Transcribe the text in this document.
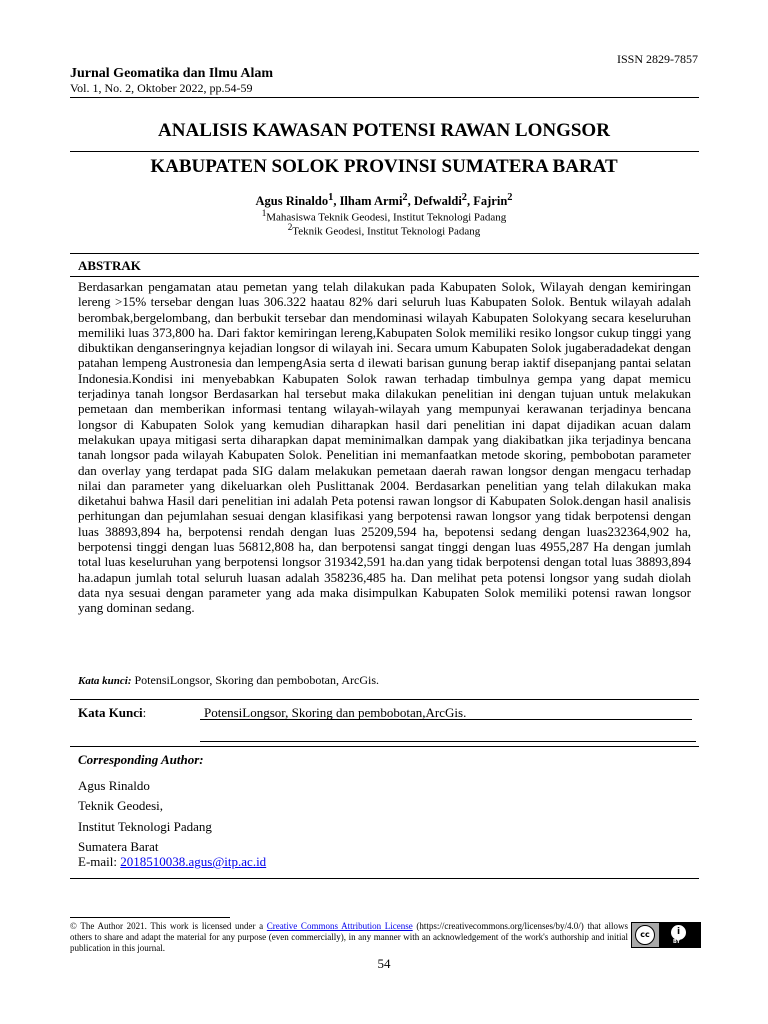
ISSN 2829-7857
Jurnal Geomatika dan Ilmu Alam
Vol. 1, No. 2, Oktober 2022, pp.54-59
ANALISIS KAWASAN POTENSI RAWAN LONGSOR
KABUPATEN SOLOK PROVINSI SUMATERA BARAT
Agus Rinaldo$^1$, Ilham Armi$^2$, Defwaldi$^2$, Fajrin$^2$
$^1$Mahasiswa Teknik Geodesi, Institut Teknologi Padang
$^2$Teknik Geodesi, Institut Teknologi Padang
ABSTRAK
Berdasarkan pengamatan atau pemetan yang telah dilakukan pada Kabupaten Solok, Wilayah dengan kemiringan lereng >15% tersebar dengan luas 306.322 haatau 82% dari seluruh luas Kabupaten Solok. Bentuk wilayah adalah berombak,bergelombang, dan berbukit tersebar dan mendominasi wilayah Kabupaten Solokyang secara keseluruhan memiliki luas 373,800 ha. Dari faktor kemiringan lereng,Kabupaten Solok memiliki resiko longsor cukup tinggi yang dibuktikan denganseringnya kejadian longsor di wilayah ini. Secara umum Kabupaten Solok jugaberadadekat dengan patahan lempeng Austronesia dan lempengAsia serta d ilewati barisan gunung berap iaktif disepanjang pantai selatan Indonesia.Kondisi ini menyebabkan Kabupaten Solok rawan terhadap timbulnya gempa yang dapat memicu terjadinya tanah longsor Berdasarkan hal tersebut maka dilakukan penelitian ini dengan tujuan untuk melakukan pemetaan dan memberikan informasi tentang wilayah-wilayah yang mempunyai kerawanan terjadinya bencana longsor di Kabupaten Solok yang kemudian diharapkan hasil dari penelitian ini dapat dijadikan acuan dalam melakukan upaya mitigasi serta diharapkan dapat meminimalkan dampak yang diakibatkan jika terjadinya bencana tanah longsor pada wilayah Kabupaten Solok. Penelitian ini memanfaatkan metode skoring, pembobotan parameter dan overlay yang terdapat pada SIG dalam melakukan pemetaan daerah rawan longsor dengan mengacu terhadap nilai dan parameter yang dikeluarkan oleh Puslittanak 2004. Berdasarkan penelitian yang telah dilakukan maka diketahui bahwa Hasil dari penelitian ini adalah Peta potensi rawan longsor di Kabupaten Solok.dengan hasil analisis perhitungan dan pejumlahan sesuai dengan klasifikasi yang berpotensi rawan longsor yang tidak berpotensi dengan luas 38893,894 ha, berpotensi rendah dengan luas 25209,594 ha, bepotensi sedang dengan luas232364,902 ha, berpotensi tinggi dengan luas 56812,808 ha, dan berpotensi sangat tinggi dengan luas 4955,287 Ha dengan jumlah total luas keseluruhan yang berpotensi longsor 319342,591 ha.dan yang tidak berpotensi dengan total luas 38893,894 ha.adapun jumlah total seluruh luasan adalah 358236,485 ha. Dan melihat peta potensi longsor yang sudah diolah data nya sesuai dengan parameter yang ada maka disimpulkan Kabupaten Solok memiliki potensi rawan longsor yang dominan sedang.
Kata kunci: PotensiLongsor, Skoring dan pembobotan, ArcGis.
Kata Kunci:	PotensiLongsor, Skoring dan pembobotan,ArcGis.
Corresponding Author:
Agus Rinaldo
Teknik Geodesi,
Institut Teknologi Padang
Sumatera Barat
E-mail: 2018510038.agus@itp.ac.id
© The Author 2021. This work is licensed under a Creative Commons Attribution License (https://creativecommons.org/licenses/by/4.0/) that allows others to share and adapt the material for any purpose (even commercially), in any manner with an acknowledgement of the work's authorship and initial publication in this journal.
cc	i
BY
54
